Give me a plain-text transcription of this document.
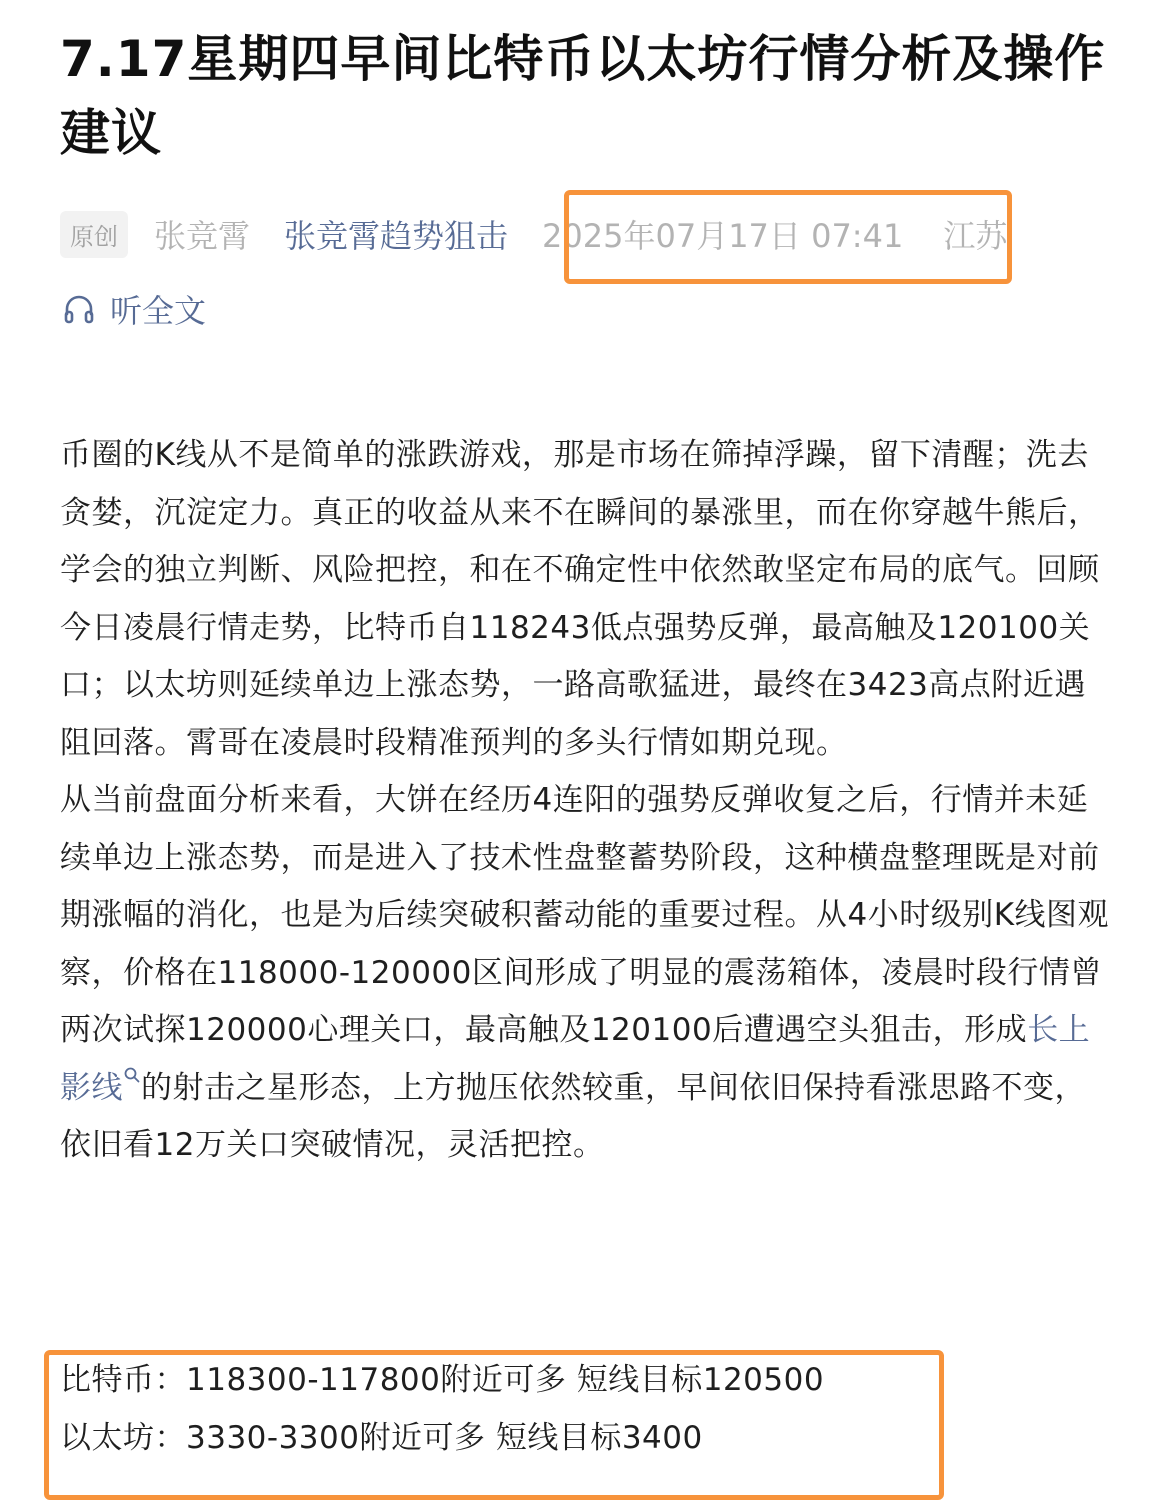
7.17星期四早间比特币以太坊行情分析及操作建议
原创	张竞霄 张竞霄趋势狙击 2025年07月17日 07:41 江苏
听全文

币圈的K线从不是简单的涨跌游戏，那是市场在筛掉浮躁，留下清醒；洗去贪婪，沉淀定力。真正的收益从来不在瞬间的暴涨里，而在你穿越牛熊后，学会的独立判断、风险把控，和在不确定性中依然敢坚定布局的底气。回顾今日凌晨行情走势，比特币自118243低点强势反弹，最高触及120100关口；以太坊则延续单边上涨态势，一路高歌猛进，最终在3423高点附近遇阻回落。霄哥在凌晨时段精准预判的多头行情如期兑现。

从当前盘面分析来看，大饼在经历4连阳的强势反弹收复之后，行情并未延续单边上涨态势，而是进入了技术性盘整蓄势阶段，这种横盘整理既是对前期涨幅的消化，也是为后续突破积蓄动能的重要过程。从4小时级别K线图观察，价格在118000-120000区间形成了明显的震荡箱体，凌晨时段行情曾两次试探120000心理关口，最高触及120100后遭遇空头狙击，形成长上影线 的射击之星形态，上方抛压依然较重，早间依旧保持看涨思路不变，依旧看12万关口突破情况，灵活把控。

比特币：118300-117800附近可多 短线目标120500
以太坊：3330-3300附近可多 短线目标3400
